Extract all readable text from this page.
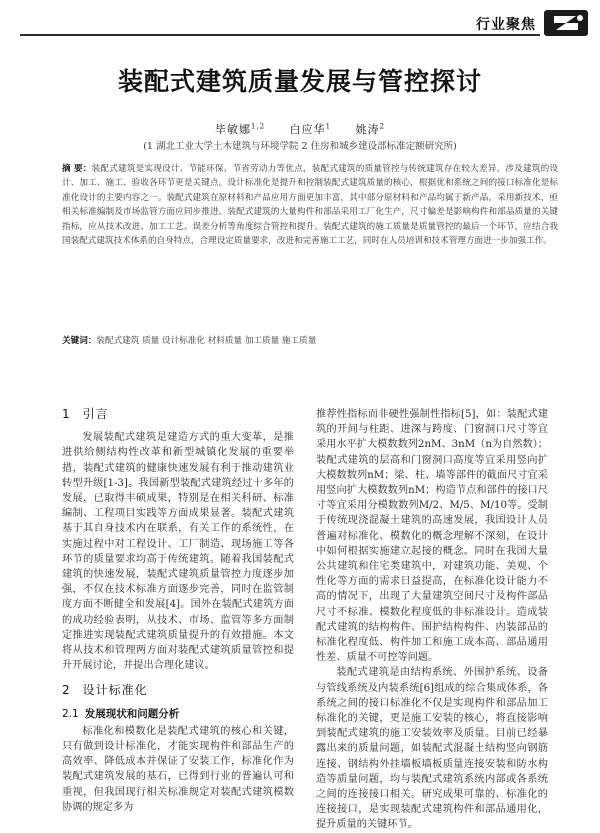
行业聚焦
装配式建筑质量发展与管控探讨
毕敏娜$^{1,2}$ 白应华$^1$ 姚涛$^2$
(1 湖北工业大学土木建筑与环境学院 2 住房和城乡建设部标准定额研究所)
摘 要：装配式建筑是实现设计、节能环保、节省劳动力等优点，装配式建筑的质量管控与传统建筑存在较大差异，涉及建筑的设计、加工、施工、验收各环节更是关键点。设计标准化是提升和控制装配式建筑质量的核心，根据优和系统之间的接口标准化是标准化设计的主要内容之一。装配式建筑在原材料和产品应用方面更加丰富，其中部分原材料和产品均属于新产品，采用新技术，亟相关标准编制及市场监管方面应同步推进。装配式建筑的大量构件和部品采用工厂化生产，尺寸偏差是影响构件和部品质量的关键指标，应从技术改进、加工工艺、误差分析等角度综合管控和提升。装配式建筑的施工质量是质量管控的最后一个环节，应结合我国装配式建筑技术体系的自身特点，合理设定质量要求，改进和完善施工工艺，同时在人员培训和技术管理方面进一步加强工作。
关键词：装配式建筑 质量 设计标准化 材料质量 加工质量 施工质量
1 引言

发展装配式建筑是建造方式的重大变革，是推进供给侧结构性改革和新型城镇化发展的重要举措，装配式建筑的健康快速发展有利于推动建筑业转型升级[1-3]。我国新型装配式建筑经过十多年的发展，已取得丰硕成果，特别是在相关科研、标准编制、工程项目实践等方面成果显著。装配式建筑基于其自身技术内在联系，有关工作的系统性，在实施过程中对工程设计、工厂制造、现场施工等各环节的质量要求均高于传统建筑。随着我国装配式建筑的快速发展，装配式建筑质量管控力度逐步加强，不仅在技术标准方面逐步完善，同时在监管制度方面不断健全和发展[4]。国外在装配式建筑方面的成功经验表明，从技术、市场、监管等多方面制定推进实现装配式建筑质量提升的有效措施。本文将从技术和管理两方面对装配式建筑质量管控和提升开展讨论，并提出合理化建议。

2 设计标准化
2.1 发展现状和问题分析

标准化和模数化是装配式建筑的核心和关键，只有做到设计标准化，才能实现构件和部品生产的高效率、降低成本并保证了安装工作，标准化作为装配式建筑发展的基石，已得到行业的普遍认可和重视，但我国现行相关标准规定对装配式建筑模数协调的规定多为

推荐性指标而非硬性强制性指标[5]，如：装配式建筑的开间与柱距、进深与跨度、门窗洞口尺寸等宜采用水平扩大模数数列2nM、3nM（n为自然数）；装配式建筑的层高和门窗洞口高度等宜采用竖向扩大模数数列nM；梁、柱、墙等部件的截面尺寸宜采用竖向扩大模数数列nM；构造节点和部件的接口尺寸等宜采用分模数数列M/2、M/5、M/10等。受制于传统现浇混凝土建筑的高速发展，我国设计人员普遍对标准化、模数化的概念理解不深刻，在设计中如何根据实施建立起接的概念。同时在我国大量公共建筑和住宅类建筑中，对建筑功能、美观、个性化等方面的需求日益提高，在标准化设计能力不高的情况下，出现了大量建筑空间尺寸及构件部品尺寸不标准、模数化程度低的非标准设计。造成装配式建筑的结构构件、围护结构构件、内装部品的标准化程度低、构件加工和施工成本高、部品通用性差、质量不可控等问题。

装配式建筑是由结构系统、外围护系统、设备与管线系统及内装系统[6]组成的综合集成体系，各系统之间的接口标准化不仅是实现构件和部品加工标准化的关键，更是施工安装的核心，将直接影响到装配式建筑的施工安装效率及质量。目前已经暴露出来的质量问题，如装配式混凝土结构竖向钢筋连接、钢结构外挂墙板墙板质量连接安装和防水构造等质量问题，均与装配式建筑系统内部或各系统之间的连接接口相关。研究成果可靠的、标准化的连接接口，是实现装配式建筑构件和部品通用化，提升质量的关键环节。
